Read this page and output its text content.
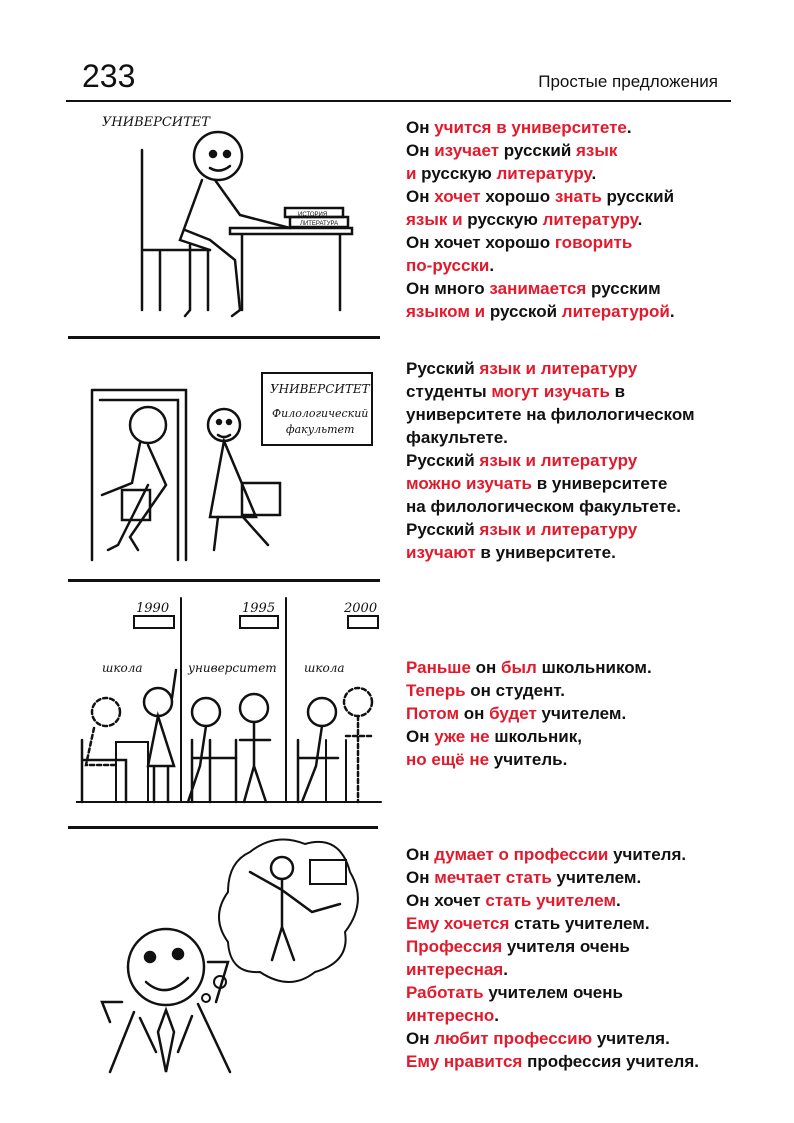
233	Простые предложения
Он учится в университете.
Он изучает русский язык
и русскую литературу.
Он хочет хорошо знать русский
язык и русскую литературу.
Он хочет хорошо говорить
по-русски.
Он много занимается русским
языком и русской литературой.
Русский язык и литературу
студенты могут изучать в
университете на филологическом
факультете.
Русский язык и литературу
можно изучать в университете
на филологическом факультете.
Русский язык и литературу
изучают в университете.
Раньше он был школьником.
Теперь он студент.
Потом он будет учителем.
Он уже не школьник,
но ещё не учитель.
Он думает о профессии учителя.
Он мечтает стать учителем.
Он хочет стать учителем.
Ему хочется стать учителем.
Профессия учителя очень
интересная.
Работать учителем очень
интересно.
Он любит профессию учителя.
Ему нравится профессия учителя.
УНИВЕРСИТЕТ
ИСТОРИЯ
ЛИТЕРАТУРА
УНИВЕРСИТЕТ
Филологический
факультет
1990	1995	2000
школа	университет школа
